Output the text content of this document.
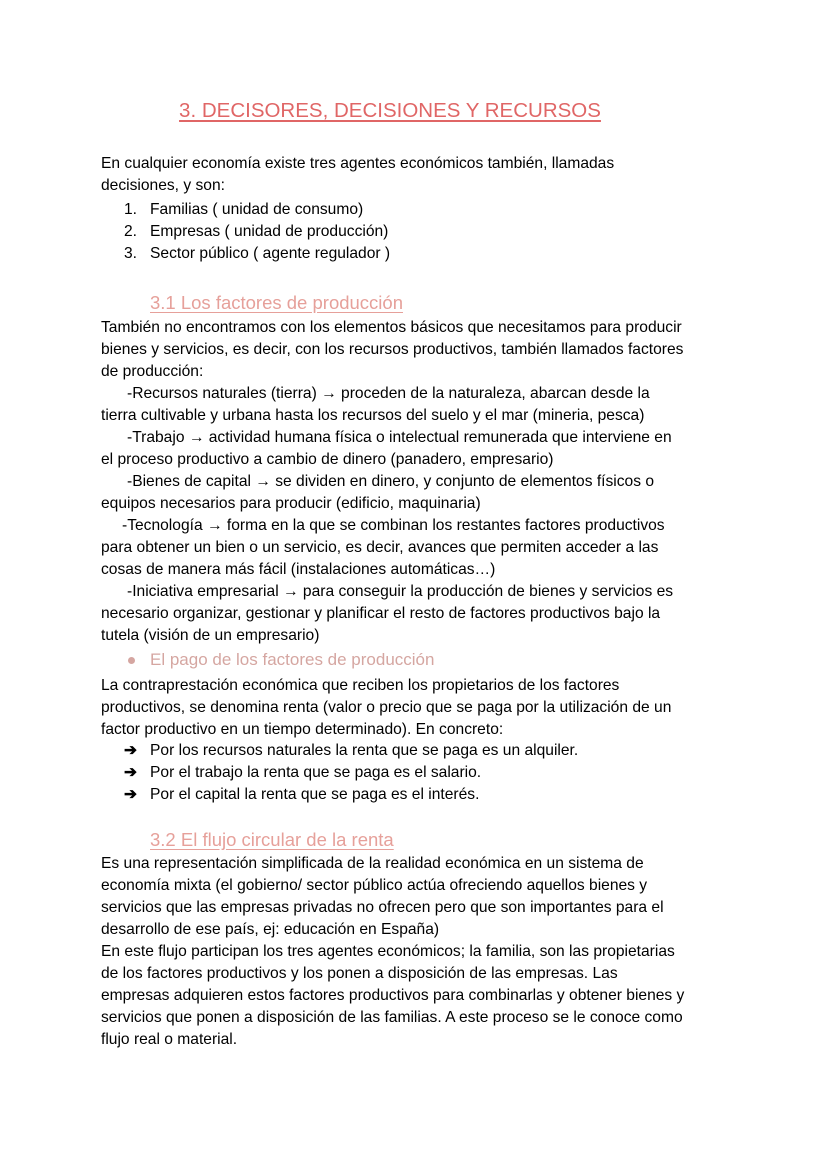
3. DECISORES, DECISIONES Y RECURSOS
En cualquier economía existe tres agentes económicos también, llamadas
decisiones, y son:
1. Familias ( unidad de consumo)
2. Empresas ( unidad de producción)
3. Sector público ( agente regulador )
3.1 Los factores de producción
También no encontramos con los elementos básicos que necesitamos para producir
bienes y servicios, es decir, con los recursos productivos, también llamados factores
de producción:
-Recursos naturales (tierra) → proceden de la naturaleza, abarcan desde la
tierra cultivable y urbana hasta los recursos del suelo y el mar (mineria, pesca)
-Trabajo → actividad humana física o intelectual remunerada que interviene en
el proceso productivo a cambio de dinero (panadero, empresario)
-Bienes de capital → se dividen en dinero, y conjunto de elementos físicos o
equipos necesarios para producir (edificio, maquinaria)
-Tecnología → forma en la que se combinan los restantes factores productivos
para obtener un bien o un servicio, es decir, avances que permiten acceder a las
cosas de manera más fácil (instalaciones automáticas…)
-Iniciativa empresarial → para conseguir la producción de bienes y servicios es
necesario organizar, gestionar y planificar el resto de factores productivos bajo la
tutela (visión de un empresario)
El pago de los factores de producción
La contraprestación económica que reciben los propietarios de los factores
productivos, se denomina renta (valor o precio que se paga por la utilización de un
factor productivo en un tiempo determinado). En concreto:
➔ Por los recursos naturales la renta que se paga es un alquiler.
➔ Por el trabajo la renta que se paga es el salario.
➔ Por el capital la renta que se paga es el interés.
3.2 El flujo circular de la renta
Es una representación simplificada de la realidad económica en un sistema de
economía mixta (el gobierno/ sector público actúa ofreciendo aquellos bienes y
servicios que las empresas privadas no ofrecen pero que son importantes para el
desarrollo de ese país, ej: educación en España)
En este flujo participan los tres agentes económicos; la familia, son las propietarias
de los factores productivos y los ponen a disposición de las empresas. Las
empresas adquieren estos factores productivos para combinarlas y obtener bienes y
servicios que ponen a disposición de las familias. A este proceso se le conoce como
flujo real o material.
